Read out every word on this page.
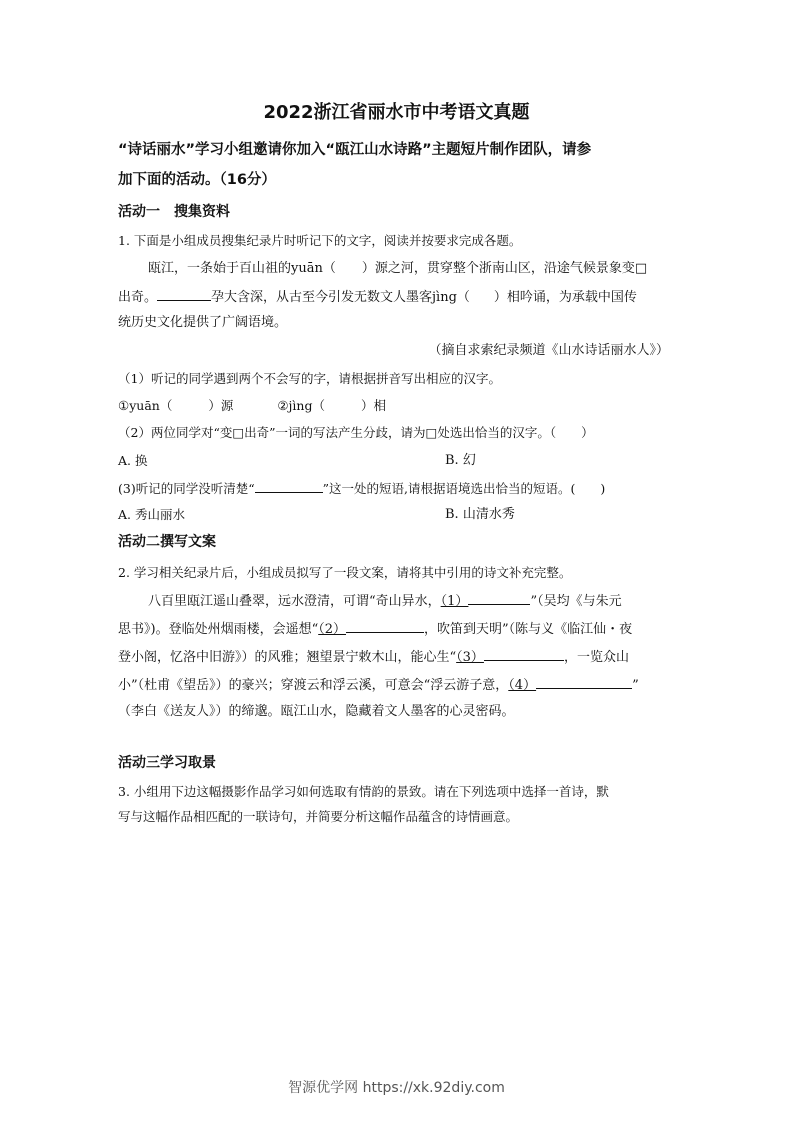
2022浙江省丽水市中考语文真题
“诗话丽水”学习小组邀请你加入“瓯江山水诗路”主题短片制作团队，请参
加下面的活动。（16分）
活动一　搜集资料
1. 下面是小组成员搜集纪录片时听记下的文字，阅读并按要求完成各题。
瓯江，一条始于百山祖的yuān（ ）源之河，贯穿整个浙南山区，沿途气候景象变□
出奇。	孕大含深，从古至今引发无数文人墨客jìng（ ）相吟诵，为承载中国传
统历史文化提供了广阔语境。
（摘自求索纪录频道《山水诗话丽水人》）
（1）听记的同学遇到两个不会写的字，请根据拼音写出相应的汉字。
①yuān（	）源	②jìng（	）相
（2）两位同学对“变□出奇”一词的写法产生分歧，请为□处选出恰当的汉字。（　　）
A. 换	B. 幻
(3)听记的同学没听清楚“	”这一处的短语,请根据语境选出恰当的短语。(　　)
A. 秀山丽水	B. 山清水秀
活动二撰写文案
2. 学习相关纪录片后，小组成员拟写了一段文案，请将其中引用的诗文补充完整。
八百里瓯江遥山叠翠，远水澄清，可谓“奇山异水，（1）	”（吴均《与朱元
思书》)。登临处州烟雨楼，会遥想“（2）	，吹笛到天明”（陈与义《临江仙・夜
登小阁，忆洛中旧游》）的风雅；翘望景宁敕木山，能心生“（3）	，一览众山
小”（杜甫《望岳》）的豪兴；穿渡云和浮云溪，可意会“浮云游子意，（4）	”
（李白《送友人》）的缔邈。瓯江山水，隐藏着文人墨客的心灵密码。
活动三学习取景
3. 小组用下边这幅摄影作品学习如何选取有情韵的景致。请在下列选项中选择一首诗，默
写与这幅作品相匹配的一联诗句，并简要分析这幅作品蕴含的诗情画意。
智源优学网 https://xk.92diy.com
